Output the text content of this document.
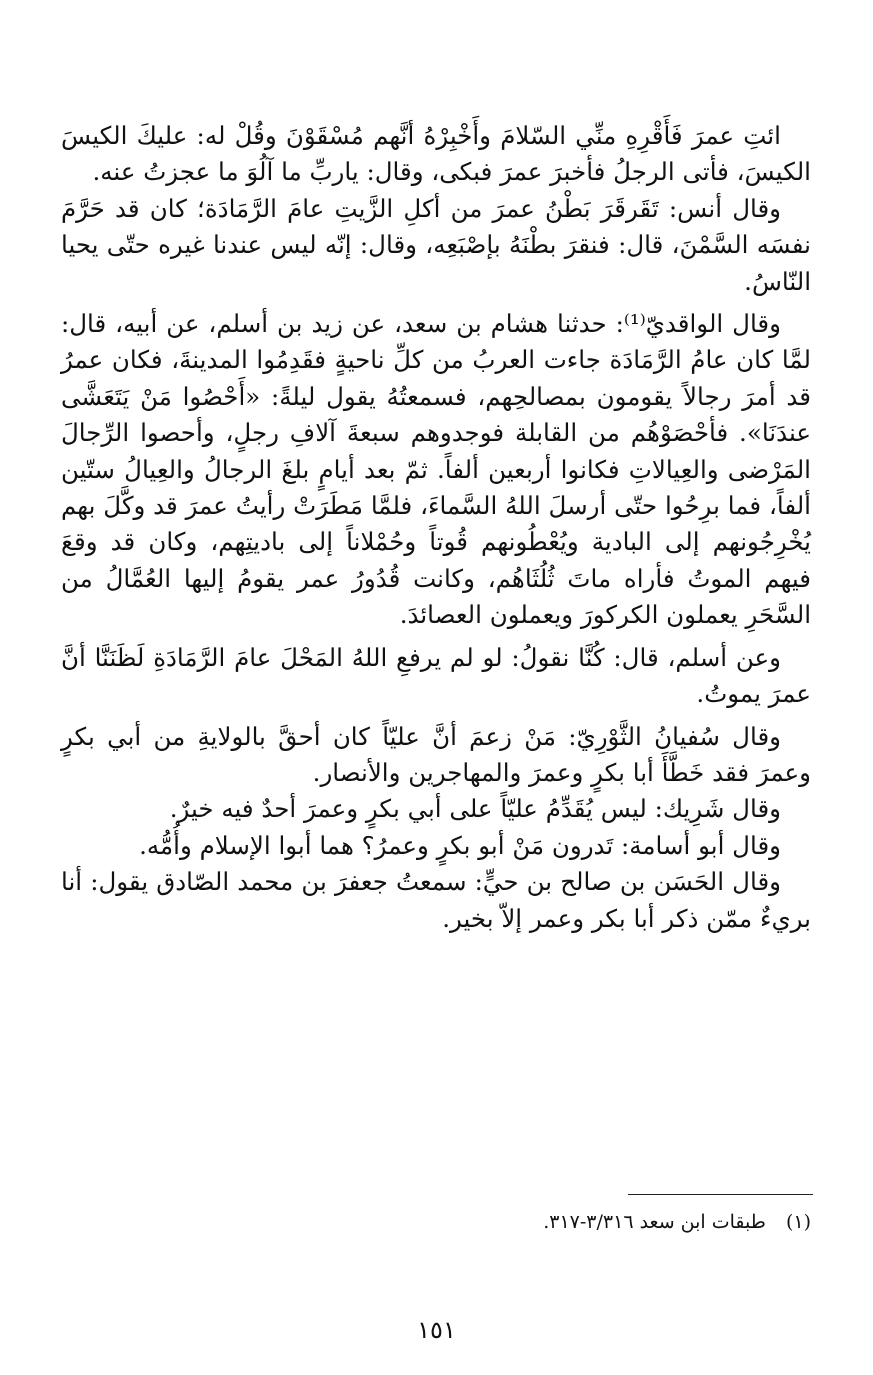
ائتِ عمرَ فَأَقْرِهِ منِّي السّلامَ وأَخْبِرْهُ أنَّهم مُسْقَوْنَ وقُلْ له: عليكَ الكيسَ الكيسَ، فأتى الرجلُ فأخبرَ عمرَ فبكى، وقال: ياربِّ ما آلُوَ ما عجزتُ عنه.

وقال أنس: تَقَرقَرَ بَطْنُ عمرَ من أكلِ الزَّيتِ عامَ الرَّمَادَة؛ كان قد حَرَّمَ نفسَه السَّمْنَ، قال: فنقرَ بطْنَهُ بإصْبَعِه، وقال: إنّه ليس عندنا غيره حتّى يحيا النّاسُ.

وقال الواقديّ⁽¹⁾: حدثنا هشام بن سعد، عن زيد بن أسلم، عن أبيه، قال: لمَّا كان عامُ الرَّمَادَة جاءت العربُ من كلِّ ناحيةٍ فقَدِمُوا المدينةَ، فكان عمرُ قد أمرَ رجالاً يقومون بمصالحِهم، فسمعتُهُ يقول ليلةً: «أَحْصُوا مَنْ يَتَعَشَّى عندَنَا». فأحْصَوْهُم من القابلة فوجدوهم سبعةَ آلافِ رجلٍ، وأحصوا الرِّجالَ المَرْضى والعِيالاتِ فكانوا أربعين ألفاً. ثمّ بعد أيامٍ بلغَ الرجالُ والعِيالُ ستّين ألفاً، فما برِحُوا حتّى أرسلَ اللهُ السَّماءَ، فلمَّا مَطَرَتْ رأيتُ عمرَ قد وكَّلَ بهم يُخْرِجُونهم إلى البادية ويُعْطُونهم قُوتاً وحُمْلاناً إلى باديتِهم، وكان قد وقعَ فيهم الموتُ فأراه ماتَ ثُلُثَاهُم، وكانت قُدُورُ عمر يقومُ إليها العُمَّالُ من السَّحَرِ يعملون الكركورَ ويعملون العصائدَ.

وعن أسلم، قال: كُنَّا نقولُ: لو لم يرفعِ اللهُ المَحْلَ عامَ الرَّمَادَةِ لَظَنَنَّا أنَّ عمرَ يموتُ.

وقال سُفيانُ الثَّوْرِيّ: مَنْ زعمَ أنَّ عليّاً كان أحقَّ بالولايةِ من أبي بكرٍ وعمرَ فقد خَطَّأَ أبا بكرٍ وعمرَ والمهاجرين والأنصار.

وقال شَرِيك: ليس يُقَدِّمُ عليّاً على أبي بكرٍ وعمرَ أحدٌ فيه خيرٌ.

وقال أبو أسامة: تَدرون مَنْ أبو بكرٍ وعمرُ؟ هما أبوا الإسلام وأُمُّه.

وقال الحَسَن بن صالح بن حيٍّ: سمعتُ جعفرَ بن محمد الصّادق يقول: أنا بريءٌ ممّن ذكر أبا بكر وعمر إلاّ بخير.

(١) طبقات ابن سعد ٣/٣١٦-٣١٧.
١٥١
